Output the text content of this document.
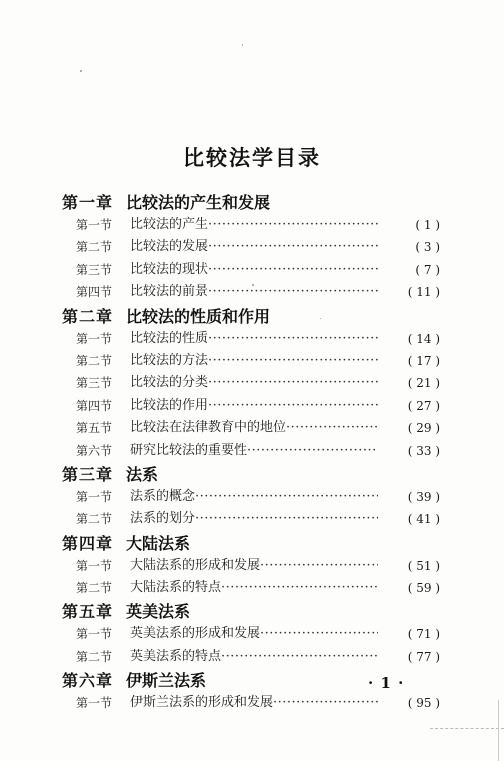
比较法学目录
第一章 比较法的产生和发展
第一节	比较法的产生 ·····	( 1 )
第二节	比较法的发展 ·····	( 3 )
第三节	比较法的现状 ·····	( 7 )
第四节	比较法的前景 ·····	( 11 )
第二章 比较法的性质和作用
第一节	比较法的性质 ·····	( 14 )
第二节	比较法的方法 ·····	( 17 )
第三节	比较法的分类 ·····	( 21 )
第四节	比较法的作用 ·····	( 27 )
第五节	比较法在法律教育中的地位 ·····	( 29 )
第六节	研究比较法的重要性 ·····	( 33 )
第三章 法系
第一节	法系的概念 ·····	( 39 )
第二节	法系的划分 ·····	( 41 )
第四章 大陆法系
第一节	大陆法系的形成和发展 ·····	( 51 )
第二节	大陆法系的特点 ·····	( 59 )
第五章 英美法系
第一节	英美法系的形成和发展 ·····	( 71 )
第二节	英美法系的特点 ·····	( 77 )
第六章 伊斯兰法系
第一节	伊斯兰法系的形成和发展 ·····	( 95 )
· 1 ·
